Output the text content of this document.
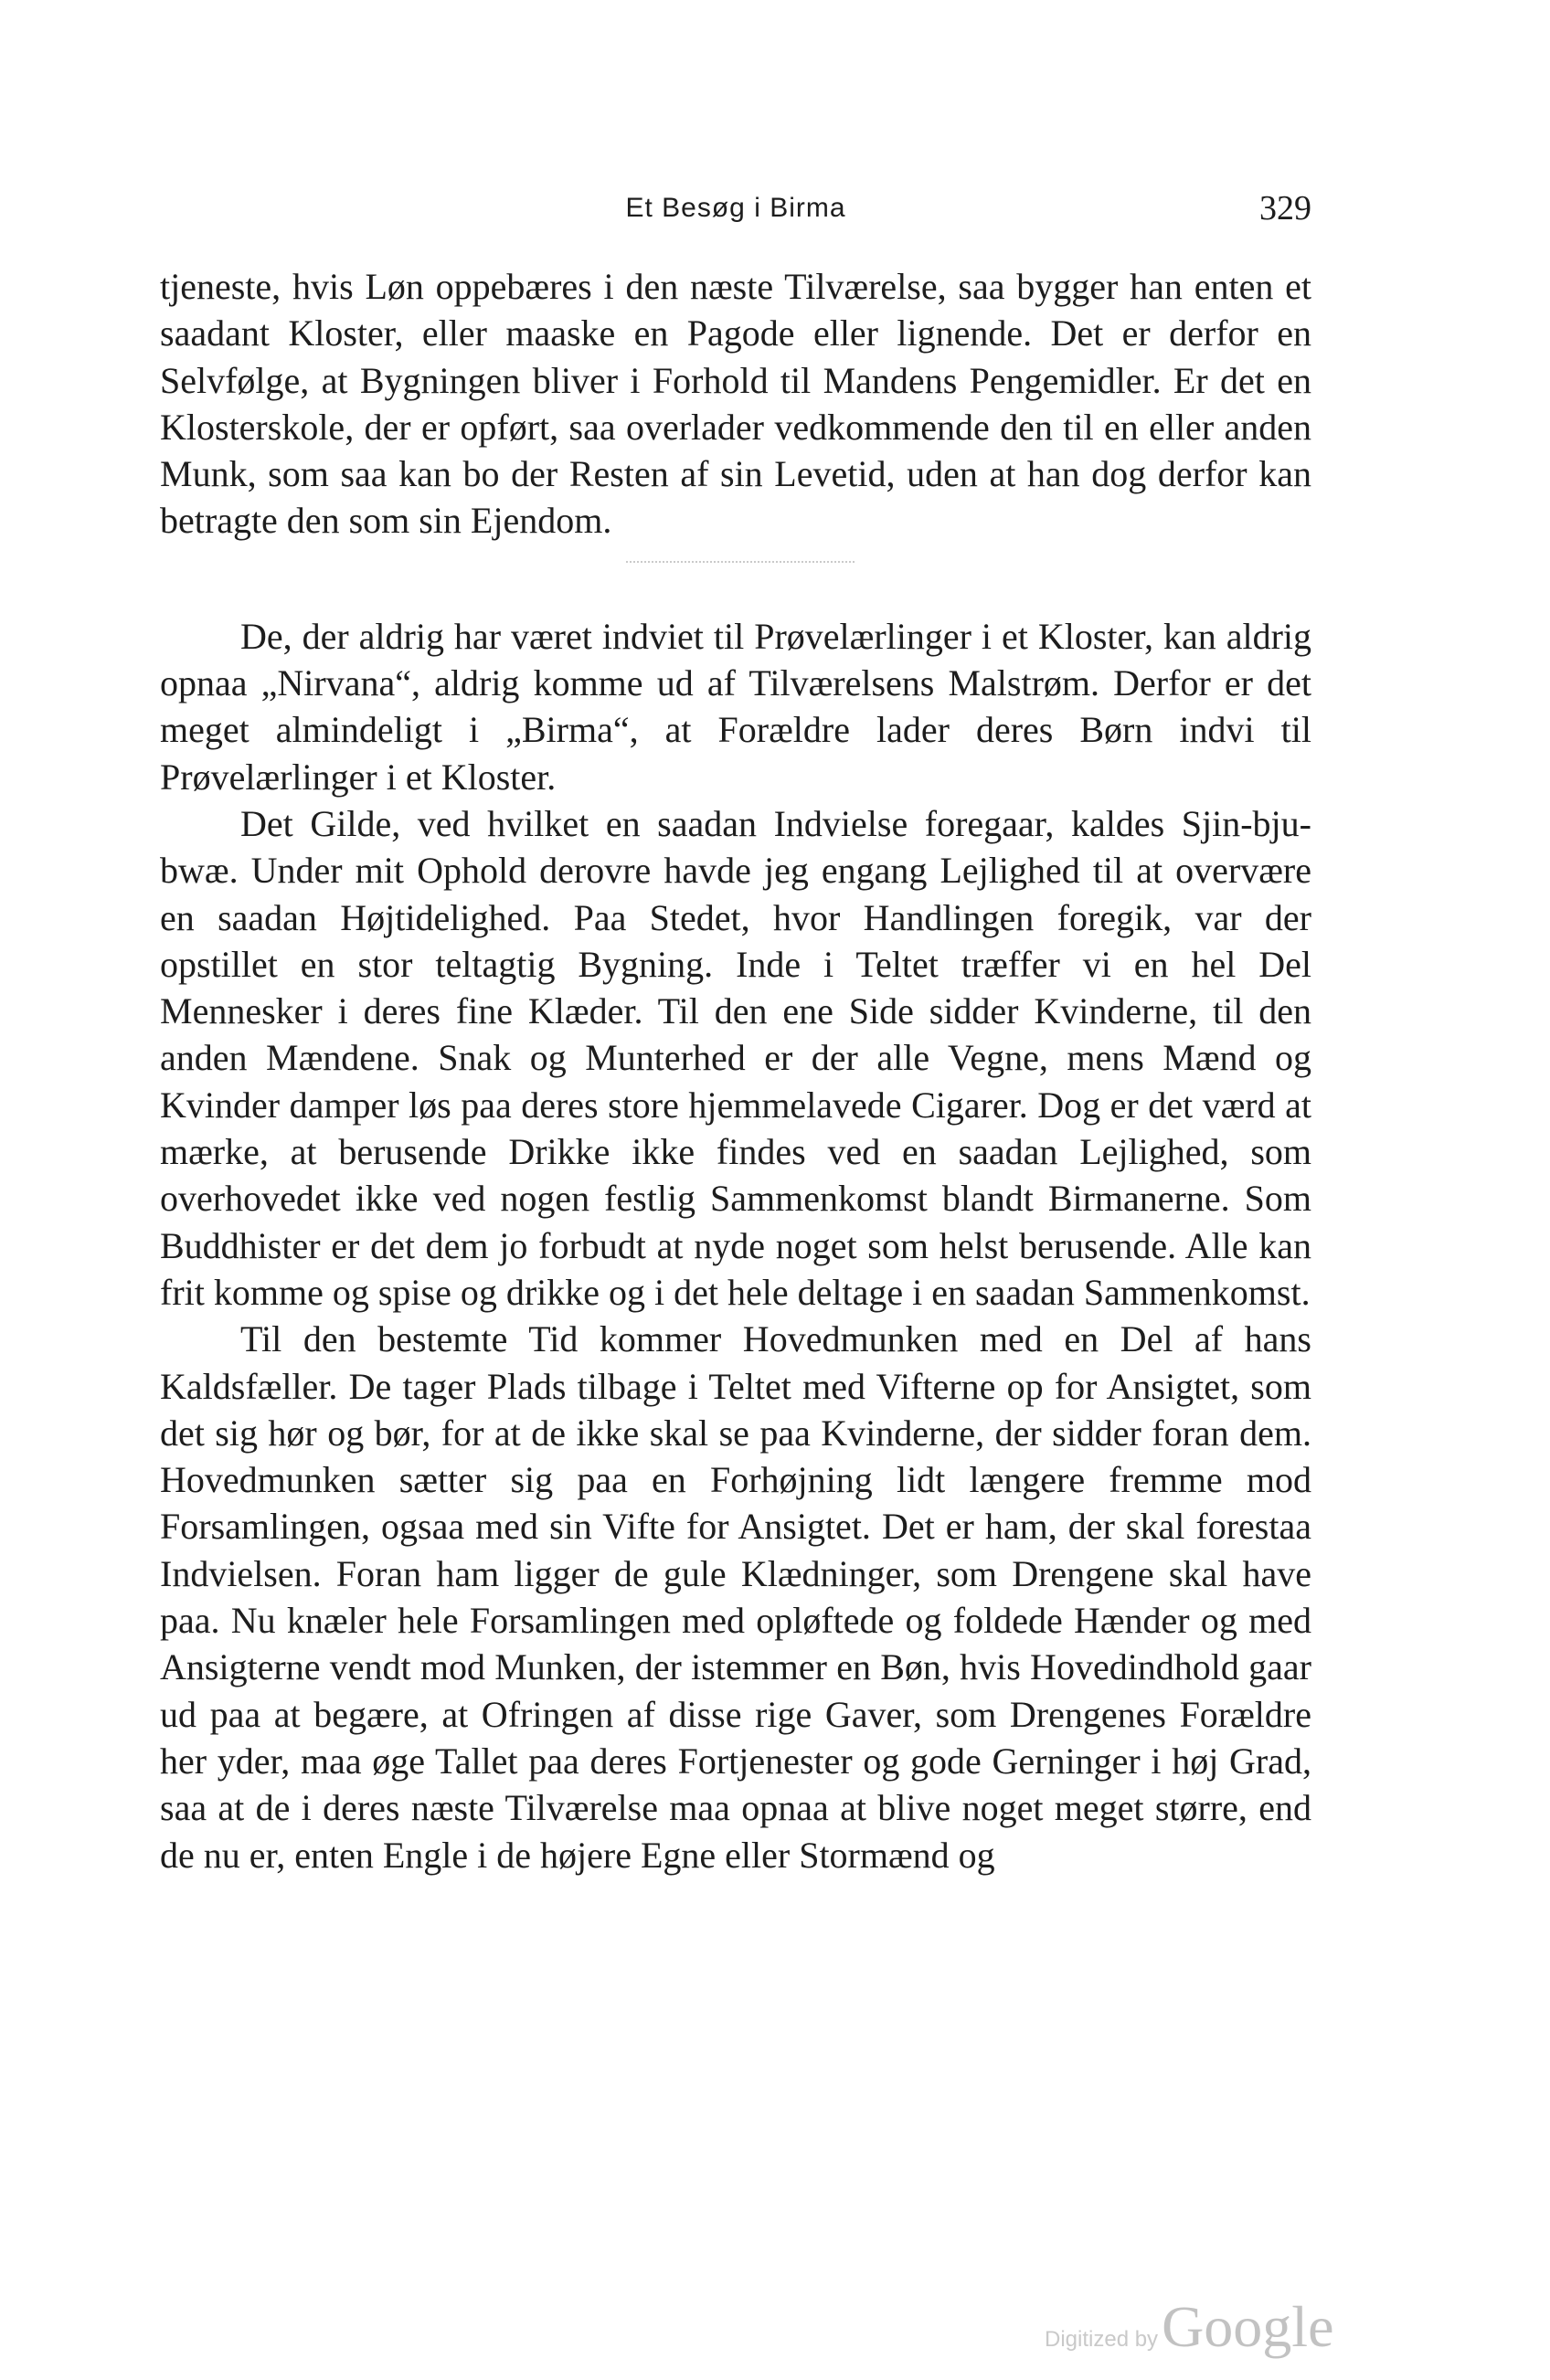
Et Besøg i Birma	329

tjeneste, hvis Løn oppebæres i den næste Tilværelse, saa bygger han enten et saadant Kloster, eller maaske en Pagode eller lignende. Det er derfor en Selvfølge, at Bygningen bliver i Forhold til Mandens Pengemidler. Er det en Klosterskole, der er opført, saa overlader vedkommende den til en eller anden Munk, som saa kan bo der Resten af sin Levetid, uden at han dog derfor kan betragte den som sin Ejendom.

De, der aldrig har været indviet til Prøvelærlinger i et Kloster, kan aldrig opnaa „Nirvana“, aldrig komme ud af Tilværelsens Malstrøm. Derfor er det meget almindeligt i „Birma“, at Forældre lader deres Børn indvi til Prøvelærlinger i et Kloster.

Det Gilde, ved hvilket en saadan Indvielse foregaar, kaldes Sjin-bju-bwæ. Under mit Ophold derovre havde jeg engang Lejlighed til at overvære en saadan Højtidelighed. Paa Stedet, hvor Handlingen foregik, var der opstillet en stor teltagtig Bygning. Inde i Teltet træffer vi en hel Del Mennesker i deres fine Klæder. Til den ene Side sidder Kvinderne, til den anden Mændene. Snak og Munterhed er der alle Vegne, mens Mænd og Kvinder damper løs paa deres store hjemmelavede Cigarer. Dog er det værd at mærke, at berusende Drikke ikke findes ved en saadan Lejlighed, som overhovedet ikke ved nogen festlig Sammenkomst blandt Birmanerne. Som Buddhister er det dem jo forbudt at nyde noget som helst berusende. Alle kan frit komme og spise og drikke og i det hele deltage i en saadan Sammenkomst.

Til den bestemte Tid kommer Hovedmunken med en Del af hans Kaldsfæller. De tager Plads tilbage i Teltet med Vifterne op for Ansigtet, som det sig hør og bør, for at de ikke skal se paa Kvinderne, der sidder foran dem. Hovedmunken sætter sig paa en Forhøjning lidt længere fremme mod Forsamlingen, ogsaa med sin Vifte for Ansigtet. Det er ham, der skal forestaa Indvielsen. Foran ham ligger de gule Klædninger, som Drengene skal have paa. Nu knæler hele Forsamlingen med opløftede og foldede Hænder og med Ansigterne vendt mod Munken, der istemmer en Bøn, hvis Hovedindhold gaar ud paa at begære, at Ofringen af disse rige Gaver, som Drengenes Forældre her yder, maa øge Tallet paa deres Fortjenester og gode Gerninger i høj Grad, saa at de i deres næste Tilværelse maa opnaa at blive noget meget større, end de nu er, enten Engle i de højere Egne eller Stormænd og

Digitized by Google
